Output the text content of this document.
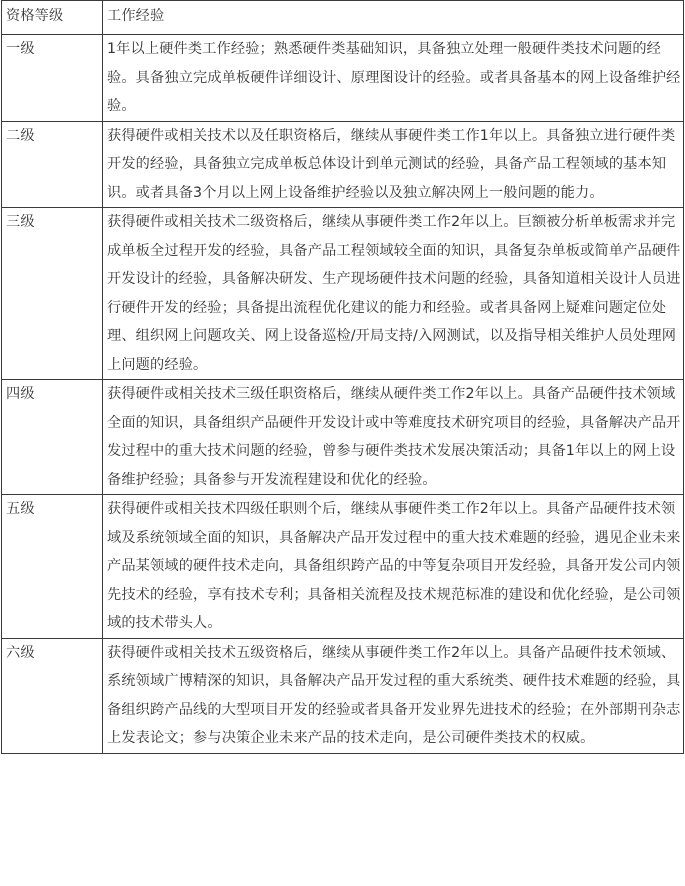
资格等级	工作经验
一级	1年以上硬件类工作经验；熟悉硬件类基础知识，具备独立处理一般硬件类技术问题的经验。具备独立完成单板硬件详细设计、原理图设计的经验。或者具备基本的网上设备维护经验。
二级	获得硬件或相关技术以及任职资格后，继续从事硬件类工作1年以上。具备独立进行硬件类开发的经验，具备独立完成单板总体设计到单元测试的经验，具备产品工程领域的基本知识。或者具备3个月以上网上设备维护经验以及独立解决网上一般问题的能力。
三级	获得硬件或相关技术二级资格后，继续从事硬件类工作2年以上。巨额被分析单板需求并完成单板全过程开发的经验，具备产品工程领域较全面的知识，具备复杂单板或简单产品硬件开发设计的经验，具备解决研发、生产现场硬件技术问题的经验，具备知道相关设计人员进行硬件开发的经验；具备提出流程优化建议的能力和经验。或者具备网上疑难问题定位处理、组织网上问题攻关、网上设备巡检/开局支持/入网测试，以及指导相关维护人员处理网上问题的经验。
四级	获得硬件或相关技术三级任职资格后，继续从硬件类工作2年以上。具备产品硬件技术领域全面的知识，具备组织产品硬件开发设计或中等难度技术研究项目的经验，具备解决产品开发过程中的重大技术问题的经验，曾参与硬件类技术发展决策活动；具备1年以上的网上设备维护经验；具备参与开发流程建设和优化的经验。
五级	获得硬件或相关技术四级任职则个后，继续从事硬件类工作2年以上。具备产品硬件技术领域及系统领域全面的知识，具备解决产品开发过程中的重大技术难题的经验，遇见企业未来产品某领域的硬件技术走向，具备组织跨产品的中等复杂项目开发经验，具备开发公司内领先技术的经验，享有技术专利；具备相关流程及技术规范标准的建设和优化经验，是公司领域的技术带头人。
六级	获得硬件或相关技术五级资格后，继续从事硬件类工作2年以上。具备产品硬件技术领域、系统领域广博精深的知识，具备解决产品开发过程的重大系统类、硬件技术难题的经验，具备组织跨产品线的大型项目开发的经验或者具备开发业界先进技术的经验；在外部期刊杂志上发表论文；参与决策企业未来产品的技术走向，是公司硬件类技术的权威。
